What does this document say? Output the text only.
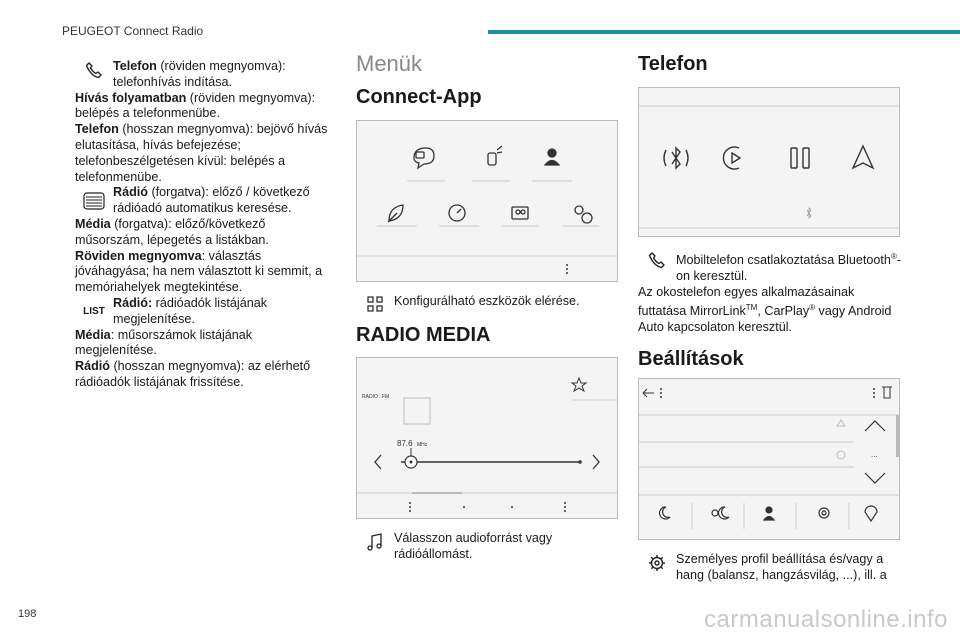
PEUGEOT Connect Radio

Telefon (röviden megnyomva):

telefonhívás indítása.

Hívás folyamatban (röviden megnyomva): belépés a telefonmenübe.

Telefon (hosszan megnyomva): bejövő hívás elutasítása, hívás befejezése; telefonbeszélgetésen kívül: belépés a telefonmenübe.

Rádió (forgatva): előző / következő rádióadó automatikus keresése.

Média (forgatva): előző/következő műsorszám, lépegetés a listákban.

Röviden megnyomva: választás jóváhagyása; ha nem választott ki semmit, a memóriahelyek megtekintése.

LIST

Rádió: rádióadók listájának megjelenítése.

Média: műsorszámok listájának megjelenítése.

Rádió (hosszan megnyomva): az elérhető rádióadók listájának frissítése.

Menük
Connect-App

Konfigurálható eszközök elérése.

RADIO MEDIA
RADIO . FM
87.6 MHz

Válasszon audioforrást vagy rádióállomást.

Telefon

Mobiltelefon csatlakoztatása Bluetooth®-on keresztül.

Az okostelefon egyes alkalmazásainak futtatása MirrorLink™, CarPlay® vagy Android Auto kapcsolaton keresztül.

Beállítások
...

Személyes profil beállítása és/vagy a hang (balansz, hangzásvilág, ...), ill. a

198	carmanualsonline.info
